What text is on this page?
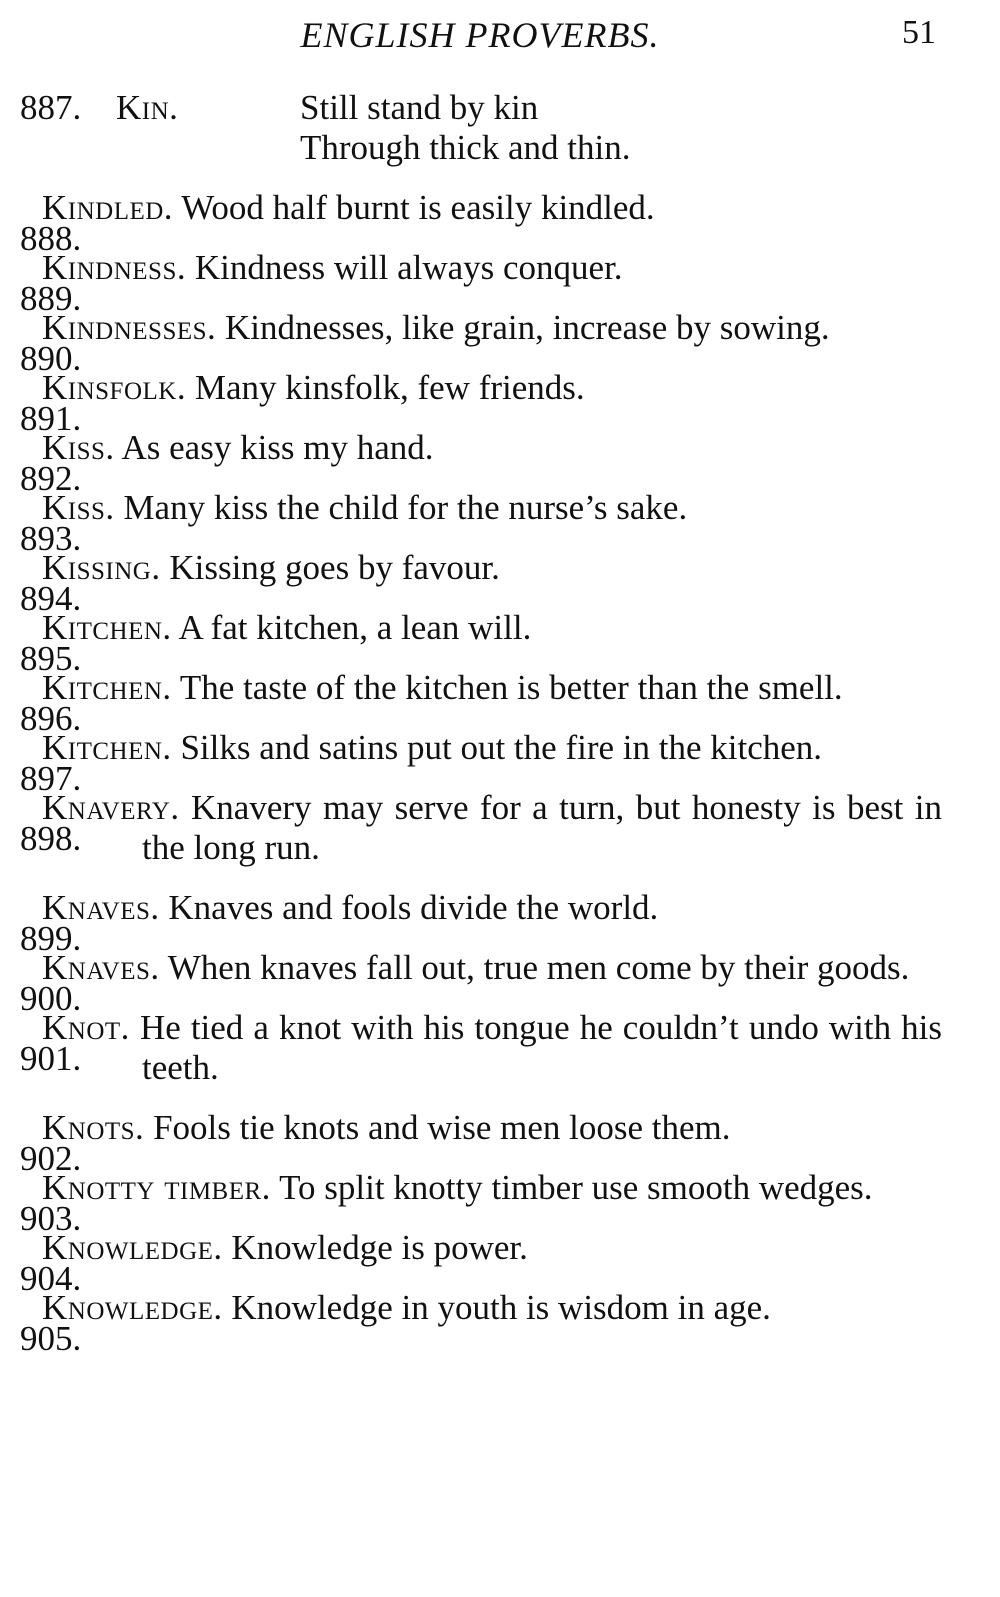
ENGLISH PROVERBS.	51
887. Kin.	Still stand by kin
Through thick and thin.
888.
Kindled. Wood half burnt is easily kindled.
889.
Kindness. Kindness will always conquer.
890.
Kindnesses. Kindnesses, like grain, increase by sowing.
891.
Kinsfolk. Many kinsfolk, few friends.
892.
Kiss. As easy kiss my hand.
893.
Kiss. Many kiss the child for the nurse’s sake.
894.
Kissing. Kissing goes by favour.
895.
Kitchen. A fat kitchen, a lean will.
896.
Kitchen. The taste of the kitchen is better than the smell.
897.
Kitchen. Silks and satins put out the fire in the kitchen.
898.
Knavery. Knavery may serve for a turn, but honesty is best in the long run.
899.
Knaves. Knaves and fools divide the world.
900.
Knaves. When knaves fall out, true men come by their goods.
901.
Knot. He tied a knot with his tongue he couldn’t undo with his teeth.
902.
Knots. Fools tie knots and wise men loose them.
903.
Knotty timber. To split knotty timber use smooth wedges.
904.
Knowledge. Knowledge is power.
905.
Knowledge. Knowledge in youth is wisdom in age.
